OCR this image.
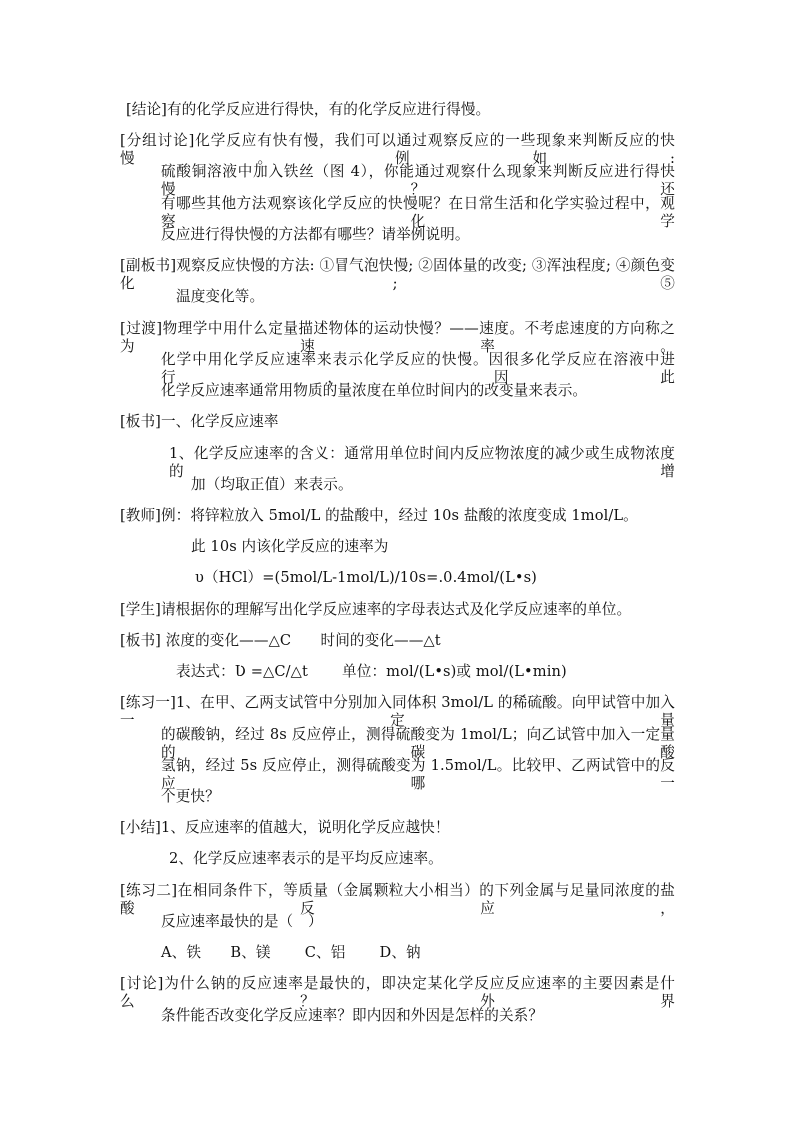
[结论]有的化学反应进行得快，有的化学反应进行得慢。
[分组讨论]化学反应有快有慢，我们可以通过观察反应的一些现象来判断反应的快慢。例如:
硫酸铜溶液中加入铁丝（图 4），你能通过观察什么现象来判断反应进行得快慢？还
有哪些其他方法观察该化学反应的快慢呢？在日常生活和化学实验过程中，观察化学
反应进行得快慢的方法都有哪些？请举例说明。
[副板书]观察反应快慢的方法: ①冒气泡快慢; ②固体量的改变; ③浑浊程度; ④颜色变化; ⑤
温度变化等。
[过渡]物理学中用什么定量描述物体的运动快慢？——速度。不考虑速度的方向称之为速率。
化学中用化学反应速率来表示化学反应的快慢。因很多化学反应在溶液中进行，因此
化学反应速率通常用物质的量浓度在单位时间内的改变量来表示。
[板书]一、化学反应速率
1、化学反应速率的含义：通常用单位时间内反应物浓度的减少或生成物浓度的增
加（均取正值）来表示。
[教师]例：将锌粒放入 5mol/L 的盐酸中，经过 10s 盐酸的浓度变成 1mol/L。
此 10s 内该化学反应的速率为
υ（HCl）=(5mol/L-1mol/L)/10s=.0.4mol/(L•s)
[学生]请根据你的理解写出化学反应速率的字母表达式及化学反应速率的单位。
[板书] 浓度的变化——△C　　时间的变化——△t
表达式：Ʋ =△C/△t　　 单位：mol/(L•s)或 mol/(L•min)
[练习一]1、在甲、乙两支试管中分别加入同体积 3mol/L 的稀硫酸。向甲试管中加入一定量
的碳酸钠，经过 8s 反应停止，测得硫酸变为 1mol/L；向乙试管中加入一定量的碳酸
氢钠，经过 5s 反应停止，测得硫酸变为 1.5mol/L。比较甲、乙两试管中的反应哪一
个更快？
[小结]1、反应速率的值越大，说明化学反应越快！
2、化学反应速率表示的是平均反应速率。
[练习二]在相同条件下，等质量（金属颗粒大小相当）的下列金属与足量同浓度的盐酸反应，
反应速率最快的是（　）
A、铁　　B、镁　　 C、铝　　 D、钠
[讨论]为什么钠的反应速率是最快的，即决定某化学反应反应速率的主要因素是什么？外界
条件能否改变化学反应速率？即内因和外因是怎样的关系？
